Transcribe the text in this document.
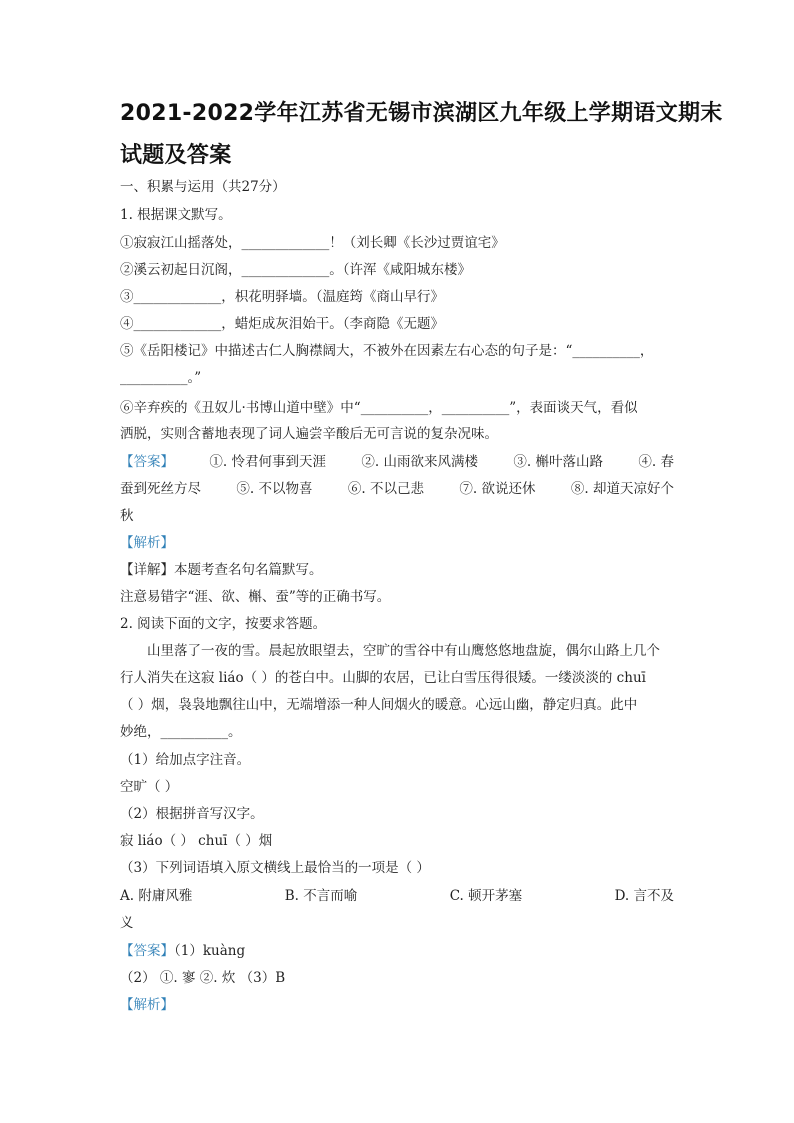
2021-2022学年江苏省无锡市滨湖区九年级上学期语文期末
试题及答案
一、积累与运用（共27分）
1. 根据课文默写。
①寂寂江山摇落处，_____________！（刘长卿《长沙过贾谊宅》
②溪云初起日沉阁，_____________。（许浑《咸阳城东楼》
③_____________，枳花明驿墙。（温庭筠《商山早行》
④_____________，蜡炬成灰泪始干。（李商隐《无题》
⑤《岳阳楼记》中描述古仁人胸襟阔大，不被外在因素左右心态的句子是：“__________，
__________。”
⑥辛弃疾的《丑奴儿·书博山道中壁》中“__________，__________”，表面谈天气，看似
洒脱，实则含蓄地表现了词人遍尝辛酸后无可言说的复杂况味。
【答案】	①. 怜君何事到天涯	②. 山雨欲来风满楼	③. 槲叶落山路	④. 春
蚕到死丝方尽	⑤. 不以物喜	⑥. 不以己悲	⑦. 欲说还休	⑧. 却道天凉好个
秋
【解析】
【详解】本题考查名句名篇默写。
注意易错字“涯、欲、槲、蚕”等的正确书写。
2. 阅读下面的文字，按要求答题。
山里落了一夜的雪。晨起放眼望去，空旷的雪谷中有山鹰悠悠地盘旋，偶尔山路上几个
行人消失在这寂 liáo（ ）的苍白中。山脚的农居，已让白雪压得很矮。一缕淡淡的 chuī
（ ）烟，袅袅地飘往山中，无端增添一种人间烟火的暖意。心远山幽，静定归真。此中
妙绝，__________。
（1）给加点字注音。
空旷（ ）
（2）根据拼音写汉字。
寂 liáo（ ） chuī（ ）烟
（3）下列词语填入原文横线上最恰当的一项是（ ）
A. 附庸风雅	B. 不言而喻	C. 顿开茅塞	D. 言不及
义
【答案】（1）kuàng
（2） ①. 寥 ②. 炊 （3）B
【解析】
